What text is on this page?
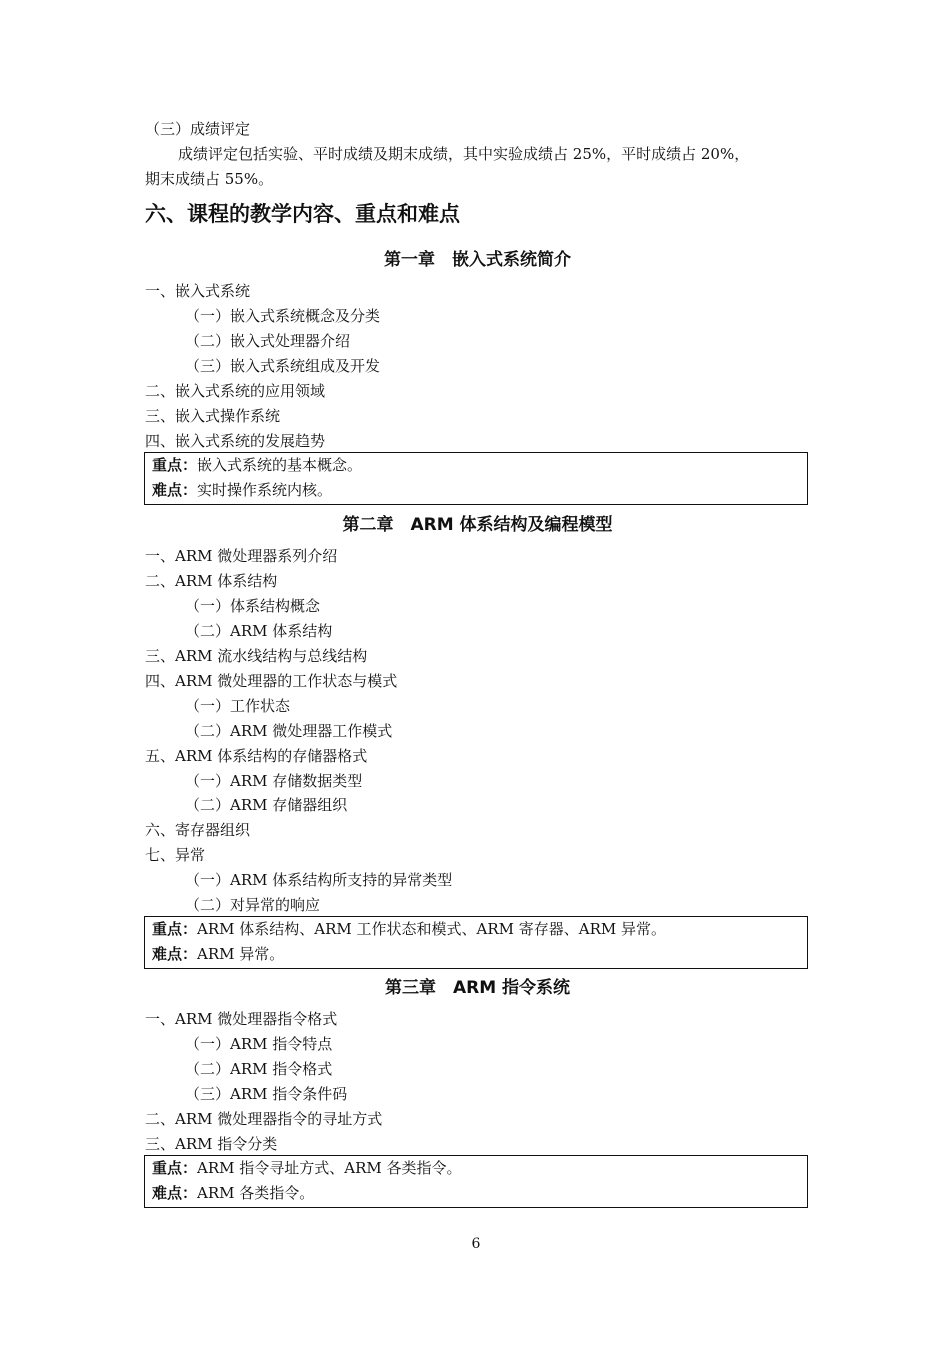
（三）成绩评定
成绩评定包括实验、平时成绩及期末成绩，其中实验成绩占 25%，平时成绩占 20%，
期末成绩占 55%。
六、课程的教学内容、重点和难点
第一章　嵌入式系统简介
一、嵌入式系统
（一）嵌入式系统概念及分类
（二）嵌入式处理器介绍
（三）嵌入式系统组成及开发
二、嵌入式系统的应用领域
三、嵌入式操作系统
四、嵌入式系统的发展趋势
重点：嵌入式系统的基本概念。
难点：实时操作系统内核。
第二章　ARM 体系结构及编程模型
一、ARM 微处理器系列介绍
二、ARM 体系结构
（一）体系结构概念
（二）ARM 体系结构
三、ARM 流水线结构与总线结构
四、ARM 微处理器的工作状态与模式
（一）工作状态
（二）ARM 微处理器工作模式
五、ARM 体系结构的存储器格式
（一）ARM 存储数据类型
（二）ARM 存储器组织
六、寄存器组织
七、异常
（一）ARM 体系结构所支持的异常类型
（二）对异常的响应
重点：ARM 体系结构、ARM 工作状态和模式、ARM 寄存器、ARM 异常。
难点：ARM 异常。
第三章　ARM 指令系统
一、ARM 微处理器指令格式
（一）ARM 指令特点
（二）ARM 指令格式
（三）ARM 指令条件码
二、ARM 微处理器指令的寻址方式
三、ARM 指令分类
重点：ARM 指令寻址方式、ARM 各类指令。
难点：ARM 各类指令。
6
